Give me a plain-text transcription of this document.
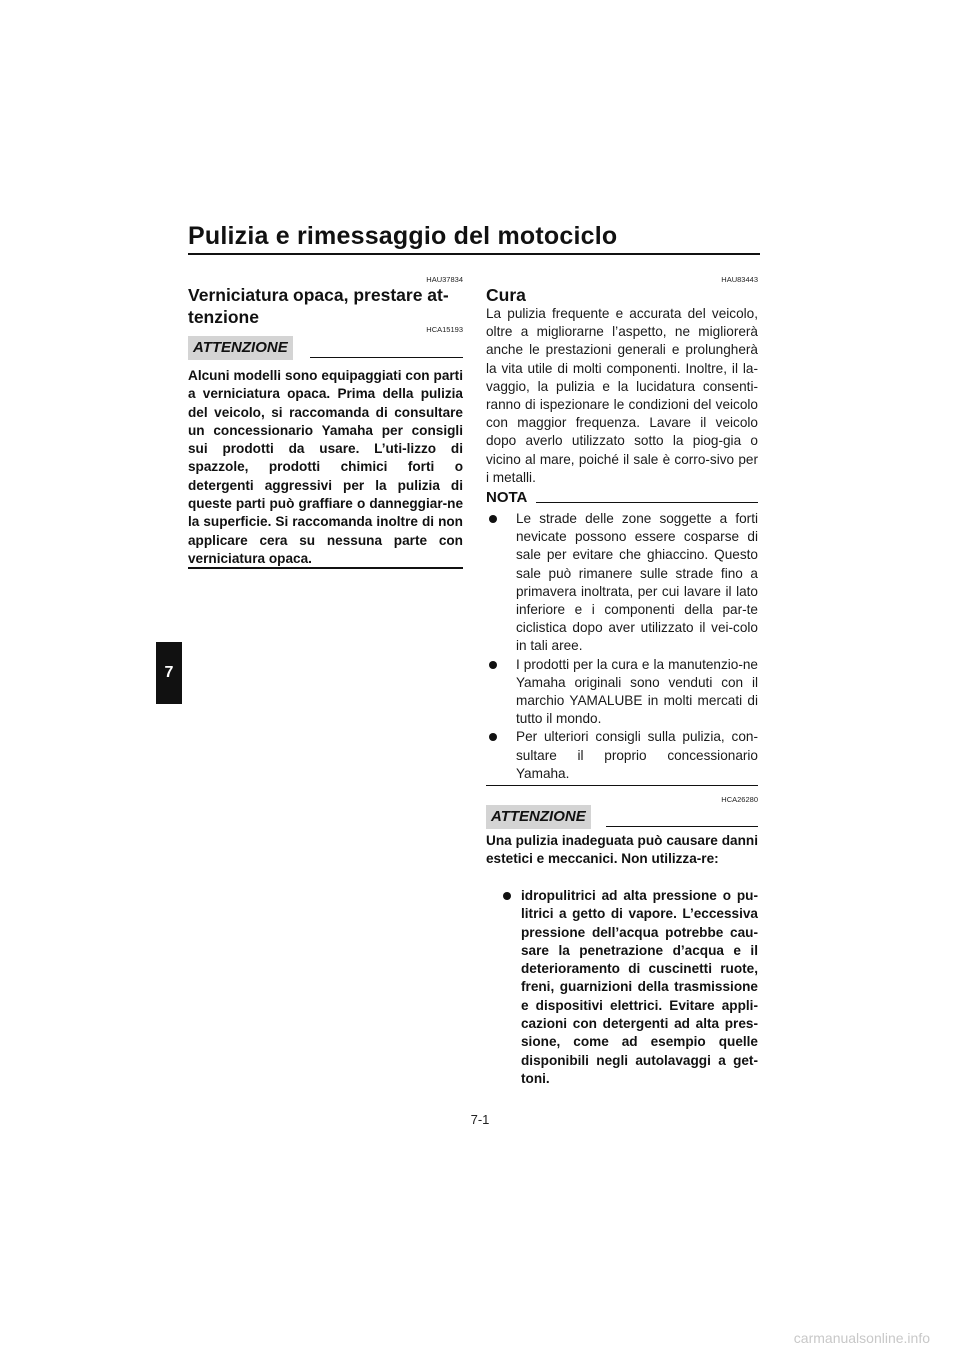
Pulizia e rimessaggio del motociclo
7
HAU37834
Verniciatura opaca, prestare at-
tenzione
HCA15193
ATTENZIONE
Alcuni modelli sono equipaggiati con parti a verniciatura opaca. Prima della pulizia del veicolo, si raccomanda di consultare un concessionario Yamaha per consigli sui prodotti da usare. L’uti-lizzo di spazzole, prodotti chimici forti o detergenti aggressivi per la pulizia di queste parti può graffiare o danneggiar-ne la superficie. Si raccomanda inoltre di non applicare cera su nessuna parte con verniciatura opaca.
HAU83443
Cura
La pulizia frequente e accurata del veicolo, oltre a migliorarne l’aspetto, ne migliorerà anche le prestazioni generali e prolungherà la vita utile di molti componenti. Inoltre, il la-vaggio, la pulizia e la lucidatura consenti-ranno di ispezionare le condizioni del veicolo con maggior frequenza. Lavare il veicolo dopo averlo utilizzato sotto la piog-gia o vicino al mare, poiché il sale è corro-sivo per i metalli.
NOTA
Le strade delle zone soggette a forti nevicate possono essere cosparse di sale per evitare che ghiaccino. Questo sale può rimanere sulle strade fino a primavera inoltrata, per cui lavare il lato inferiore e i componenti della par-te ciclistica dopo aver utilizzato il vei-colo in tali aree.
I prodotti per la cura e la manutenzio-ne Yamaha originali sono venduti con il marchio YAMALUBE in molti mercati di tutto il mondo.
Per ulteriori consigli sulla pulizia, con-sultare il proprio concessionario Yamaha.
HCA26280
ATTENZIONE
Una pulizia inadeguata può causare danni estetici e meccanici. Non utilizza-re:
idropulitrici ad alta pressione o pu-litrici a getto di vapore. L’eccessiva pressione dell’acqua potrebbe cau-sare la penetrazione d’acqua e il deterioramento di cuscinetti ruote, freni, guarnizioni della trasmissione e dispositivi elettrici. Evitare appli-cazioni con detergenti ad alta pres-sione, come ad esempio quelle disponibili negli autolavaggi a get-toni.
7-1
carmanualsonline.info
